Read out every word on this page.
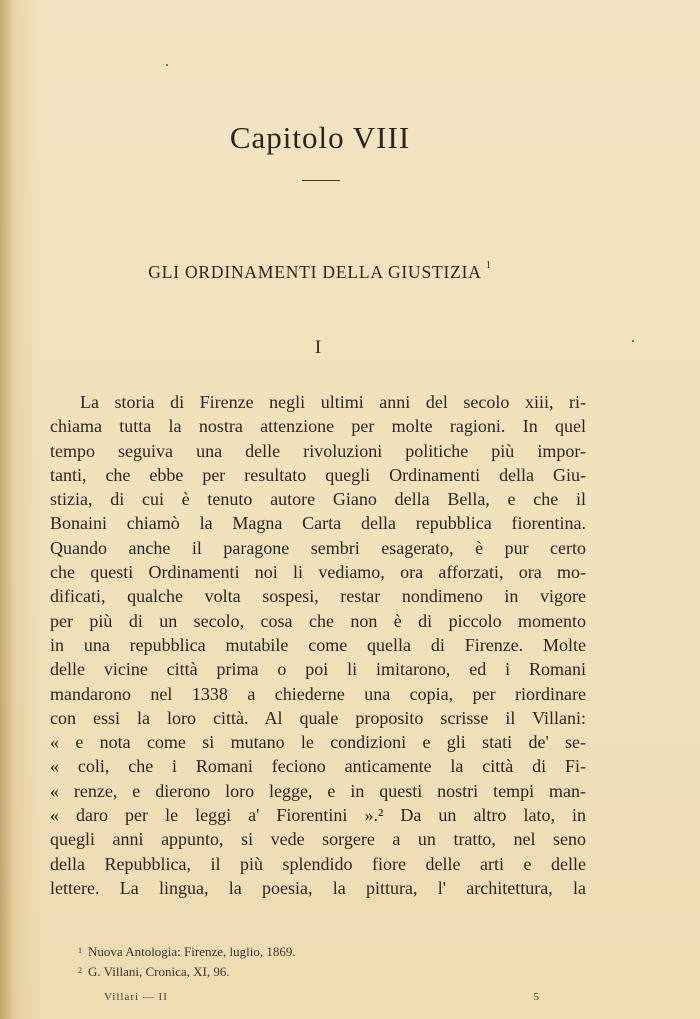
Capitolo VIII
GLI ORDINAMENTI DELLA GIUSTIZIA $^1$
I
La storia di Firenze negli ultimi anni del secolo xiii, ri-
chiama tutta la nostra attenzione per molte ragioni. In quel
tempo seguiva una delle rivoluzioni politiche più impor-
tanti, che ebbe per resultato quegli Ordinamenti della Giu-
stizia, di cui è tenuto autore Giano della Bella, e che il
Bonaini chiamò la Magna Carta della repubblica fiorentina.
Quando anche il paragone sembri esagerato, è pur certo
che questi Ordinamenti noi li vediamo, ora afforzati, ora mo-
dificati, qualche volta sospesi, restar nondimeno in vigore
per più di un secolo, cosa che non è di piccolo momento
in una repubblica mutabile come quella di Firenze. Molte
delle vicine città prima o poi li imitarono, ed i Romani
mandarono nel 1338 a chiederne una copia, per riordinare
con essi la loro città. Al quale proposito scrisse il Villani:
« e nota come si mutano le condizioni e gli stati de' se-
« coli, che i Romani feciono anticamente la città di Fi-
« renze, e dierono loro legge, e in questi nostri tempi man-
« daro per le leggi a' Fiorentini ».² Da un altro lato, in
quegli anni appunto, si vede sorgere a un tratto, nel seno
della Repubblica, il più splendido fiore delle arti e delle
lettere. La lingua, la poesia, la pittura, l' architettura, la
$^1$ Nuova Antologia: Firenze, luglio, 1869.
$^2$ G. Villani, Cronica, XI, 96.
Villari — II	5
